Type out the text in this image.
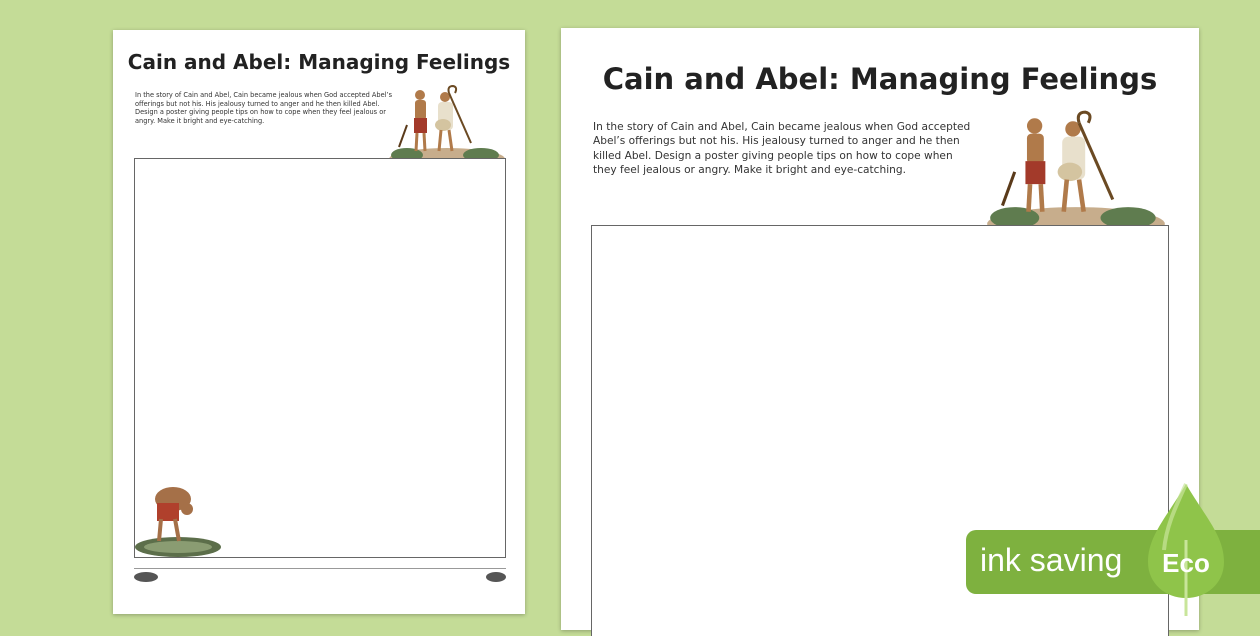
Cain and Abel: Managing Feelings

In the story of Cain and Abel, Cain became jealous when God accepted Abel’s offerings but not his. His jealousy turned to anger and he then killed Abel. Design a poster giving people tips on how to cope when they feel jealous or angry. Make it bright and eye-catching.

Cain and Abel: Managing Feelings

In the story of Cain and Abel, Cain became jealous when God accepted Abel’s offerings but not his. His jealousy turned to anger and he then killed Abel. Design a poster giving people tips on how to cope when they feel jealous or angry. Make it bright and eye-catching.

ink saving Eco
